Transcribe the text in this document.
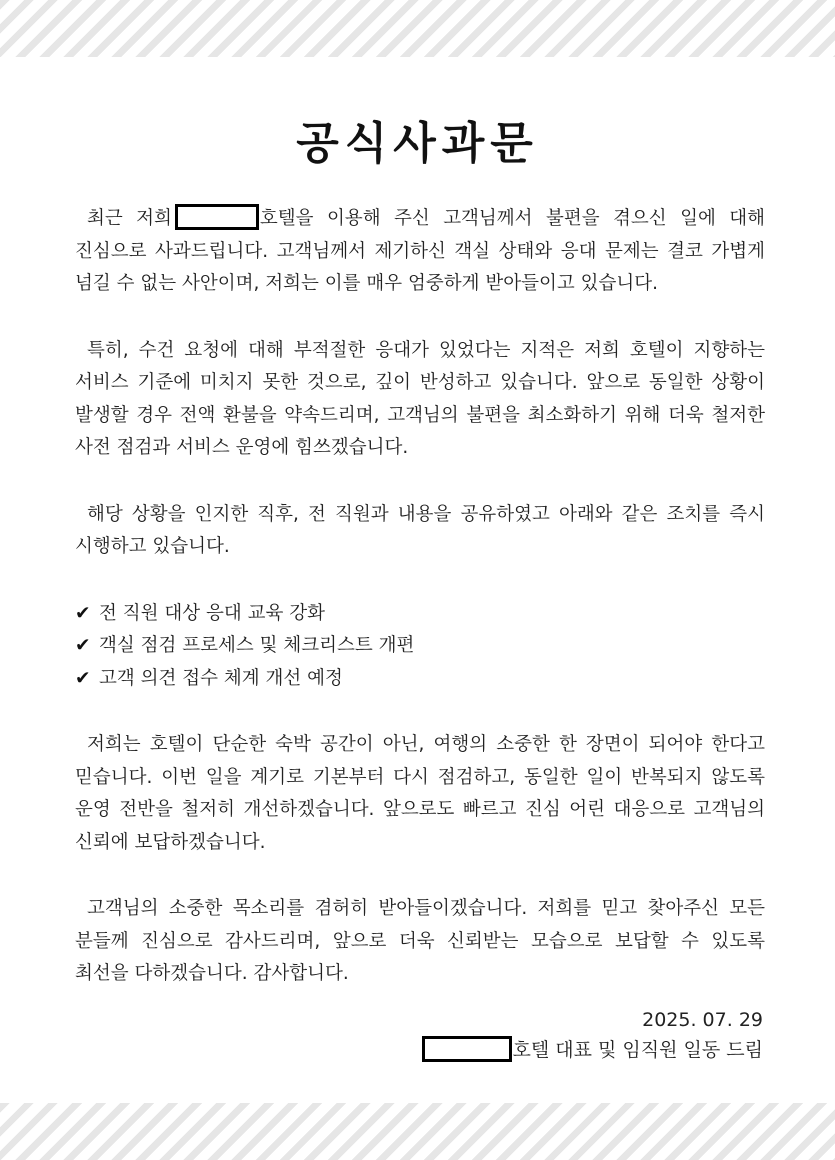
공식사과문

최근 저희	호텔을 이용해 주신 고객님께서 불편을 겪으신 일에 대해 진심으로 사과드립니다. 고객님께서 제기하신 객실 상태와 응대 문제는 결코 가볍게 넘길 수 없는 사안이며, 저희는 이를 매우 엄중하게 받아들이고 있습니다.

특히, 수건 요청에 대해 부적절한 응대가 있었다는 지적은 저희 호텔이 지향하는 서비스 기준에 미치지 못한 것으로, 깊이 반성하고 있습니다. 앞으로 동일한 상황이 발생할 경우 전액 환불을 약속드리며, 고객님의 불편을 최소화하기 위해 더욱 철저한 사전 점검과 서비스 운영에 힘쓰겠습니다.

해당 상황을 인지한 직후, 전 직원과 내용을 공유하였고 아래와 같은 조치를 즉시 시행하고 있습니다.

✔ 전 직원 대상 응대 교육 강화
✔ 객실 점검 프로세스 및 체크리스트 개편
✔ 고객 의견 접수 체계 개선 예정

저희는 호텔이 단순한 숙박 공간이 아닌, 여행의 소중한 한 장면이 되어야 한다고 믿습니다. 이번 일을 계기로 기본부터 다시 점검하고, 동일한 일이 반복되지 않도록 운영 전반을 철저히 개선하겠습니다. 앞으로도 빠르고 진심 어린 대응으로 고객님의 신뢰에 보답하겠습니다.

고객님의 소중한 목소리를 겸허히 받아들이겠습니다. 저희를 믿고 찾아주신 모든 분들께 진심으로 감사드리며, 앞으로 더욱 신뢰받는 모습으로 보답할 수 있도록 최선을 다하겠습니다. 감사합니다.

2025. 07. 29
호텔 대표 및 임직원 일동 드림
